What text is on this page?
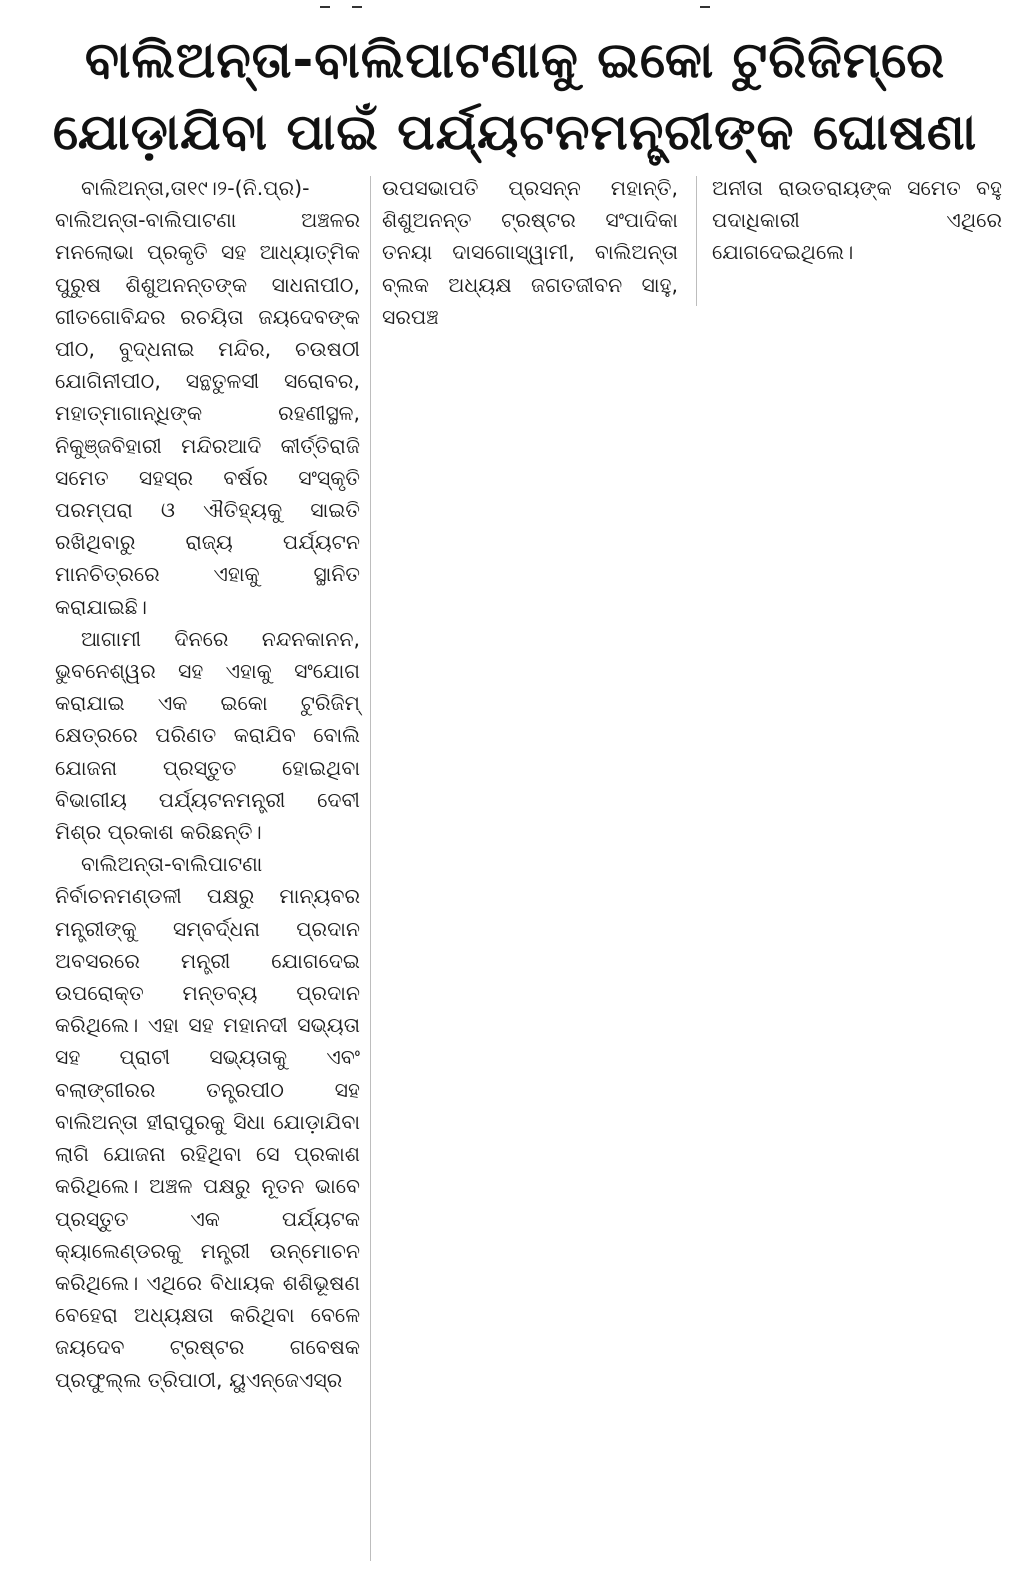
ବାଲିଅନ୍ତା-ବାଲିପାଟଣାକୁ ଇକୋ ଟୁରିଜିମ୍‌ରେ
ଯୋଡ଼ାଯିବା ପାଇଁ ପର୍ଯ୍ୟଟନମନ୍ତ୍ରୀଙ୍କ ଘୋଷଣା

ବାଲିଅନ୍ତା,ତା୧୯।୨-(ନି.ପ୍ର)- ବାଲିଅନ୍ତା-ବାଲିପାଟଣା ଅଞ୍ଚଳର ମନଲୋଭା ପ୍ରକୃତି ସହ ଆଧ୍ୟାତ୍ମିକ ପୁରୁଷ ଶିଶୁଅନନ୍ତଙ୍କ ସାଧନାପୀଠ, ଗୀତଗୋବିନ୍ଦର ରଚୟିତା ଜୟଦେବଙ୍କ ପୀଠ, ବୁଦ୍ଧନାଇ ମନ୍ଦିର, ଚଉଷଠୀ ଯୋଗିନୀପୀଠ, ସନ୍ଥତୁଳସୀ ସରୋବର, ମହାତ୍ମାଗାନ୍ଧିଙ୍କ ରହଣୀସ୍ଥଳ, ନିକୁଞ୍ଜବିହାରୀ ମନ୍ଦିରଆଦି କୀର୍ତ୍ତିରାଜି ସମେତ ସହସ୍ର ବର୍ଷର ସଂସ୍କୃତି ପରମ୍ପରା ଓ ଐତିହ୍ୟକୁ ସାଇତି ରଖିଥିବାରୁ ରାଜ୍ୟ ପର୍ଯ୍ୟଟନ ମାନଚିତ୍ରରେ ଏହାକୁ ସ୍ଥାନିତ କରାଯାଇଛି।

ଆଗାମୀ ଦିନରେ ନନ୍ଦନକାନନ, ଭୁବନେଶ୍ୱର ସହ ଏହାକୁ ସଂଯୋଗ କରାଯାଇ ଏକ ଇକୋ ଟୁରିଜିମ୍ କ୍ଷେତ୍ରରେ ପରିଣତ କରାଯିବ ବୋଲି ଯୋଜନା ପ୍ରସ୍ତୁତ ହୋଇଥିବା ବିଭାଗୀୟ ପର୍ଯ୍ୟଟନମନ୍ତ୍ରୀ ଦେବୀ ମିଶ୍ର ପ୍ରକାଶ କରିଛନ୍ତି।

ବାଲିଅନ୍ତା-ବାଲିପାଟଣା ନିର୍ବାଚନମଣ୍ଡଳୀ ପକ୍ଷରୁ ମାନ୍ୟବର ମନ୍ତ୍ରୀଙ୍କୁ ସମ୍ବର୍ଦ୍ଧନା ପ୍ରଦାନ ଅବସରରେ ମନ୍ତ୍ରୀ ଯୋଗଦେଇ ଉପରୋକ୍ତ ମନ୍ତବ୍ୟ ପ୍ରଦାନ କରିଥିଲେ। ଏହା ସହ ମହାନଦୀ ସଭ୍ୟତା ସହ ପ୍ରାଚୀ ସଭ୍ୟତାକୁ ଏବଂ ବଲାଙ୍ଗୀରର ତନ୍ତ୍ରପୀଠ ସହ ବାଲିଅନ୍ତା ହୀରାପୁରକୁ ସିଧା ଯୋଡ଼ାଯିବା ଲାଗି ଯୋଜନା ରହିଥିବା ସେ ପ୍ରକାଶ କରିଥିଲେ। ଅଞ୍ଚଳ ପକ୍ଷରୁ ନୂତନ ଭାବେ ପ୍ରସ୍ତୁତ ଏକ ପର୍ଯ୍ୟଟକ କ୍ୟାଲେଣ୍ଡରକୁ ମନ୍ତ୍ରୀ ଉନ୍ମୋଚନ କରିଥିଲେ। ଏଥିରେ ବିଧାୟକ ଶଶିଭୂଷଣ ବେହେରା ଅଧ୍ୟକ୍ଷତା କରିଥିବା ବେଳେ ଜୟଦେବ ଟ୍ରଷ୍ଟର ଗବେଷକ ପ୍ରଫୁଲ୍ଲ ତ୍ରିପାଠୀ, ୟୁଏନ୍‌ଜେଏସ୍‌ର

ଉପସଭାପତି ପ୍ରସନ୍ନ ମହାନ୍ତି, ଶିଶୁଅନନ୍ତ ଟ୍ରଷ୍ଟର ସଂପାଦିକା ତନୟା ଦାସଗୋସ୍ୱାମୀ, ବାଲିଅନ୍ତା ବ୍ଲକ ଅଧ୍ୟକ୍ଷ ଜଗତଜୀବନ ସାହୁ, ସରପଞ୍ଚ

ଅନୀତା ରାଉତରାୟଙ୍କ ସମେତ ବହୁ ପଦାଧିକାରୀ ଏଥିରେ ଯୋଗଦେଇଥିଲେ।
